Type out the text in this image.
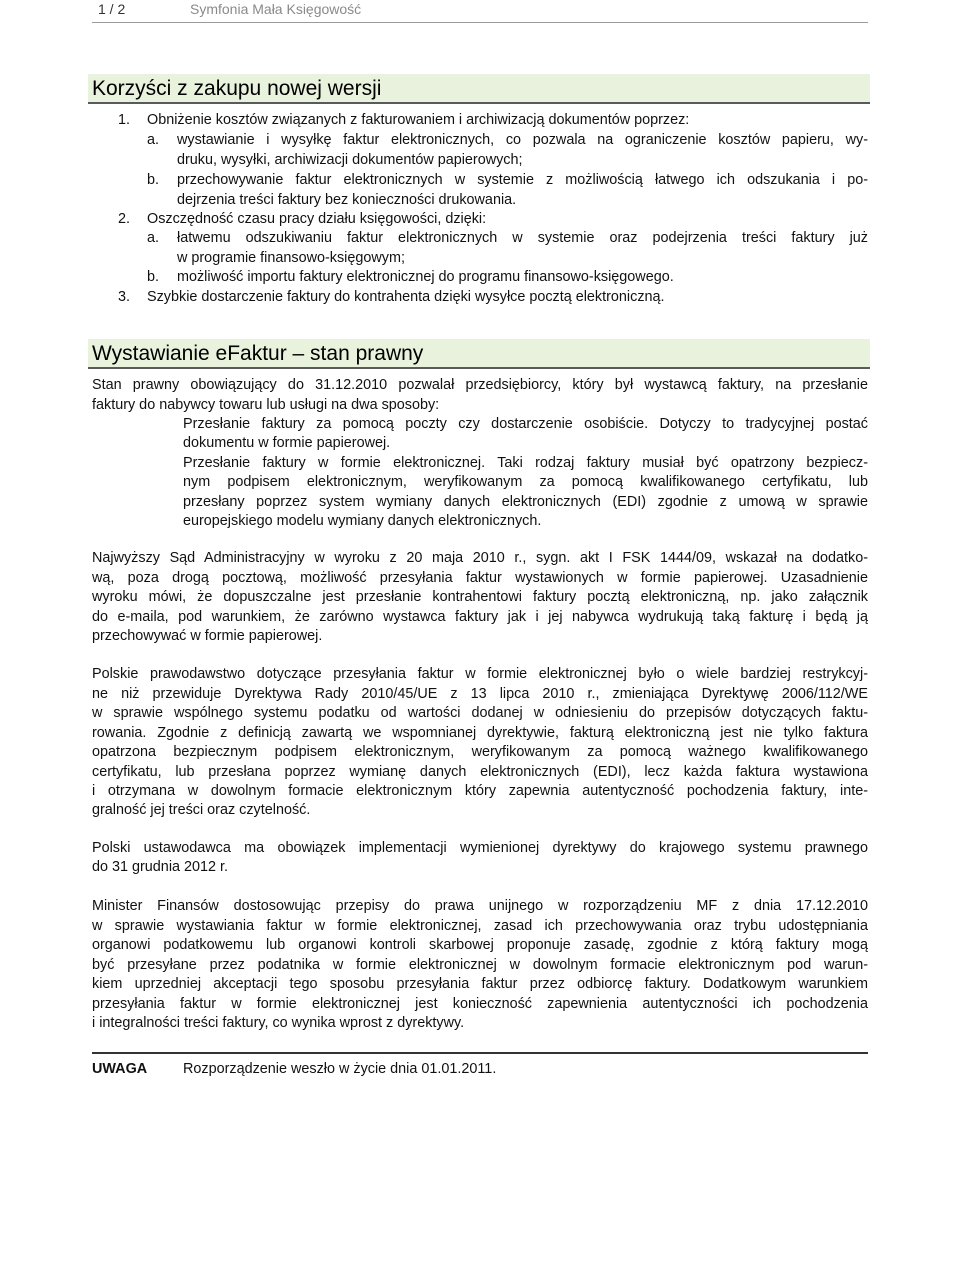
1 / 2	Symfonia Mała Księgowość
Korzyści z zakupu nowej wersji
1. Obniżenie kosztów związanych z fakturowaniem i archiwizacją dokumentów poprzez:
a. wystawianie i wysyłkę faktur elektronicznych, co pozwala na ograniczenie kosztów papieru, wy-
druku, wysyłki, archiwizacji dokumentów papierowych;
b. przechowywanie faktur elektronicznych w systemie z możliwością łatwego ich odszukania i po-
dejrzenia treści faktury bez konieczności drukowania.
2. Oszczędność czasu pracy działu księgowości, dzięki:
a. łatwemu odszukiwaniu faktur elektronicznych w systemie oraz podejrzenia treści faktury już
w programie finansowo-księgowym;
b. możliwość importu faktury elektronicznej do programu finansowo-księgowego.
3. Szybkie dostarczenie faktury do kontrahenta dzięki wysyłce pocztą elektroniczną.
Wystawianie eFaktur – stan prawny
Stan prawny obowiązujący do 31.12.2010 pozwalał przedsiębiorcy, który był wystawcą faktury, na przesłanie
faktury do nabywcy towaru lub usługi na dwa sposoby:
Przesłanie faktury za pomocą poczty czy dostarczenie osobiście. Dotyczy to tradycyjnej postać
dokumentu w formie papierowej.
Przesłanie faktury w formie elektronicznej. Taki rodzaj faktury musiał być opatrzony bezpiecz-
nym podpisem elektronicznym, weryfikowanym za pomocą kwalifikowanego certyfikatu, lub
przesłany poprzez system wymiany danych elektronicznych (EDI) zgodnie z umową w sprawie
europejskiego modelu wymiany danych elektronicznych.
Najwyższy Sąd Administracyjny w wyroku z 20 maja 2010 r., sygn. akt I FSK 1444/09, wskazał na dodatko-
wą, poza drogą pocztową, możliwość przesyłania faktur wystawionych w formie papierowej. Uzasadnienie
wyroku mówi, że dopuszczalne jest przesłanie kontrahentowi faktury pocztą elektroniczną, np. jako załącznik
do e-maila, pod warunkiem, że zarówno wystawca faktury jak i jej nabywca wydrukują taką fakturę i będą ją
przechowywać w formie papierowej.
Polskie prawodawstwo dotyczące przesyłania faktur w formie elektronicznej było o wiele bardziej restrykcyj-
ne niż przewiduje Dyrektywa Rady 2010/45/UE z 13 lipca 2010 r., zmieniająca Dyrektywę 2006/112/WE
w sprawie wspólnego systemu podatku od wartości dodanej w odniesieniu do przepisów dotyczących faktu-
rowania. Zgodnie z definicją zawartą we wspomnianej dyrektywie, fakturą elektroniczną jest nie tylko faktura
opatrzona bezpiecznym podpisem elektronicznym, weryfikowanym za pomocą ważnego kwalifikowanego
certyfikatu, lub przesłana poprzez wymianę danych elektronicznych (EDI), lecz każda faktura wystawiona
i otrzymana w dowolnym formacie elektronicznym który zapewnia autentyczność pochodzenia faktury, inte-
gralność jej treści oraz czytelność.
Polski ustawodawca ma obowiązek implementacji wymienionej dyrektywy do krajowego systemu prawnego
do 31 grudnia 2012 r.
Minister Finansów dostosowując przepisy do prawa unijnego w rozporządzeniu MF z dnia 17.12.2010
w sprawie wystawiania faktur w formie elektronicznej, zasad ich przechowywania oraz trybu udostępniania
organowi podatkowemu lub organowi kontroli skarbowej proponuje zasadę, zgodnie z którą faktury mogą
być przesyłane przez podatnika w formie elektronicznej w dowolnym formacie elektronicznym pod warun-
kiem uprzedniej akceptacji tego sposobu przesyłania faktur przez odbiorcę faktury. Dodatkowym warunkiem
przesyłania faktur w formie elektronicznej jest konieczność zapewnienia autentyczności ich pochodzenia
i integralności treści faktury, co wynika wprost z dyrektywy.
UWAGA Rozporządzenie weszło w życie dnia 01.01.2011.
